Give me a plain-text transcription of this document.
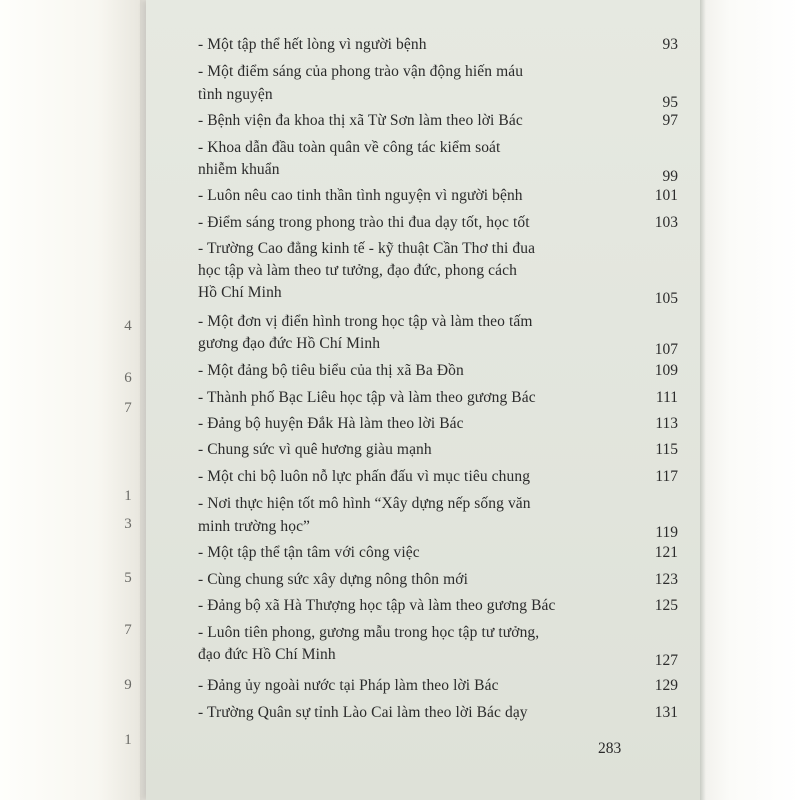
4
6
7
1
3
5
7
9
1
- Một tập thể hết lòng vì người bệnh	93
- Một điểm sáng của phong trào vận động hiến máu
tình nguyện	95
- Bệnh viện đa khoa thị xã Từ Sơn làm theo lời Bác	97
- Khoa dẫn đầu toàn quân về công tác kiểm soát
nhiễm khuẩn	99
- Luôn nêu cao tinh thần tình nguyện vì người bệnh	101
- Điểm sáng trong phong trào thi đua dạy tốt, học tốt	103
- Trường Cao đẳng kinh tế - kỹ thuật Cần Thơ thi đua
học tập và làm theo tư tưởng, đạo đức, phong cách
Hồ Chí Minh	105
- Một đơn vị điển hình trong học tập và làm theo tấm
gương đạo đức Hồ Chí Minh	107
- Một đảng bộ tiêu biểu của thị xã Ba Đồn	109
- Thành phố Bạc Liêu học tập và làm theo gương Bác	111
- Đảng bộ huyện Đắk Hà làm theo lời Bác	113
- Chung sức vì quê hương giàu mạnh	115
- Một chi bộ luôn nỗ lực phấn đấu vì mục tiêu chung	117
- Nơi thực hiện tốt mô hình “Xây dựng nếp sống văn
minh trường học”	119
- Một tập thể tận tâm với công việc	121
- Cùng chung sức xây dựng nông thôn mới	123
- Đảng bộ xã Hà Thượng học tập và làm theo gương Bác	125
- Luôn tiên phong, gương mẫu trong học tập tư tưởng,
đạo đức Hồ Chí Minh	127
- Đảng ủy ngoài nước tại Pháp làm theo lời Bác	129
- Trường Quân sự tỉnh Lào Cai làm theo lời Bác dạy	131
283
